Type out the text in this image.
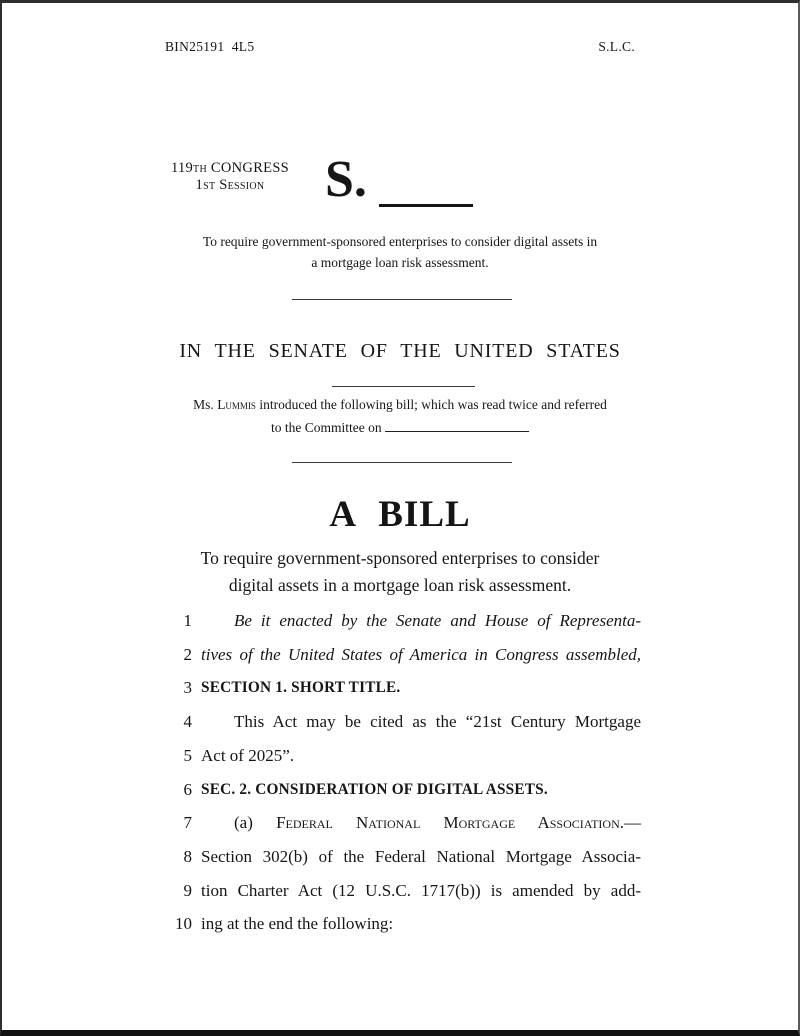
BIN25191  4L5	S.L.C.
119th CONGRESS
1st Session	S.
To require government-sponsored enterprises to consider digital assets in
a mortgage loan risk assessment.
IN THE SENATE OF THE UNITED STATES
Ms. Lummis introduced the following bill; which was read twice and referred
to the Committee on
A BILL
To require government-sponsored enterprises to consider
digital assets in a mortgage loan risk assessment.
1	Be it enacted by the Senate and House of Representa-
2 tives of the United States of America in Congress assembled,
3 SECTION 1. SHORT TITLE.
4	This Act may be cited as the “21st Century Mortgage
5 Act of 2025”.
6 SEC. 2. CONSIDERATION OF DIGITAL ASSETS.
7	(a) Federal National Mortgage Association.—
8 Section 302(b) of the Federal National Mortgage Associa-
9 tion Charter Act (12 U.S.C. 1717(b)) is amended by add-
10 ing at the end the following:
